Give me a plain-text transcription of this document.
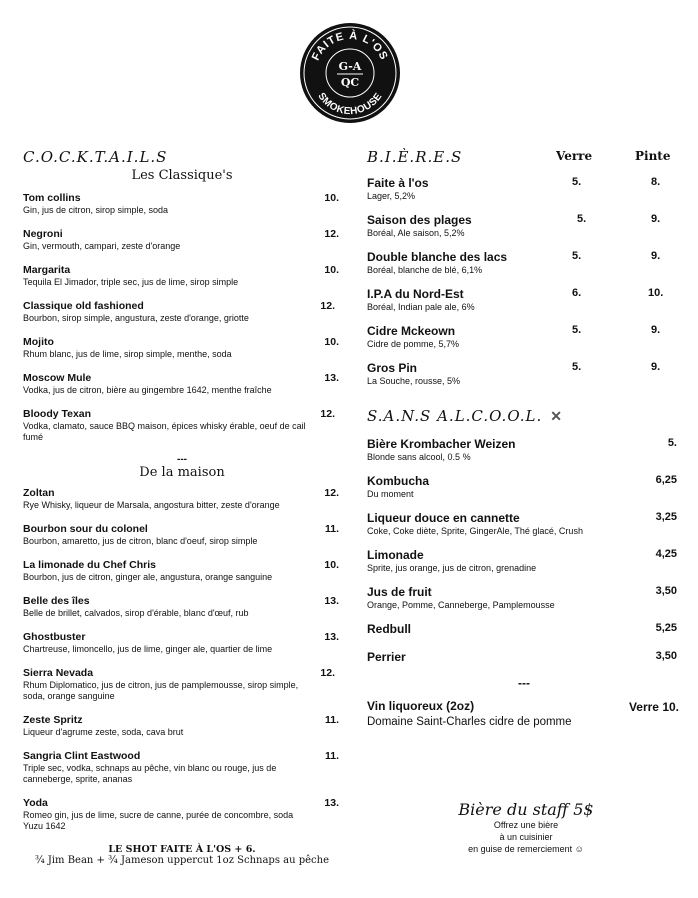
FAITE À L'OS
SMOKEHOUSE
G-A
QC
C.O.C.K.T.A.I.L.S
Les Classique's
Tom collins	10.
Gin, jus de citron, sirop simple, soda
Negroni	12.
Gin, vermouth, campari, zeste d'orange
Margarita	10.
Tequila El Jimador, triple sec, jus de lime, sirop simple
Classique old fashioned	12.
Bourbon, sirop simple, angustura, zeste d'orange, griotte
Mojito	10.
Rhum blanc, jus de lime, sirop simple, menthe, soda
Moscow Mule	13.
Vodka, jus de citron, bière au gingembre 1642, menthe fraîche
Bloody Texan	12.
Vodka, clamato, sauce BBQ maison, épices whisky érable, oeuf de cail fumé
---
De la maison
Zoltan	12.
Rye Whisky, liqueur de Marsala, angostura bitter, zeste d'orange
Bourbon sour du colonel	11.
Bourbon, amaretto, jus de citron, blanc d'oeuf, sirop simple
La limonade du Chef Chris	10.
Bourbon, jus de citron, ginger ale, angustura, orange sanguine
Belle des îles	13.
Belle de brillet, calvados, sirop d'érable, blanc d'œuf, rub
Ghostbuster	13.
Chartreuse, limoncello, jus de lime, ginger ale, quartier de lime
Sierra Nevada	12.
Rhum Diplomatico, jus de citron, jus de pamplemousse, sirop simple, soda, orange sanguine
Zeste Spritz	11.
Liqueur d'agrume zeste, soda, cava brut
Sangria Clint Eastwood	11.
Triple sec, vodka, schnaps au pêche, vin blanc ou rouge, jus de canneberge, sprite, ananas
Yoda	13.
Romeo gin, jus de lime, sucre de canne, purée de concombre, soda Yuzu 1642
LE SHOT FAITE À L'OS + 6.
¾ Jim Bean + ¾ Jameson uppercut 1oz Schnaps au pêche
B.I.È.R.E.S	Verre	Pinte
Faite à l'os	5.	8.
Lager, 5,2%
Saison des plages	5.	9.
Boréal, Ale saison, 5,2%
Double blanche des lacs	5.	9.
Boréal, blanche de blé, 6,1%
I.P.A du Nord-Est	6.	10.
Boréal, Indian pale ale, 6%
Cidre Mckeown	5.	9.
Cidre de pomme, 5,7%
Gros Pin	5.	9.
La Souche, rousse, 5%
S.A.N.S A.L.C.O.O.L. ✕
Bière Krombacher Weizen	5.
Blonde sans alcool, 0.5 %
Kombucha	6,25
Du moment
Liqueur douce en cannette	3,25
Coke, Coke diète, Sprite, GingerAle, Thé glacé, Crush
Limonade	4,25
Sprite, jus orange, jus de citron, grenadine
Jus de fruit	3,50
Orange, Pomme, Canneberge, Pamplemousse
Redbull	5,25
Perrier	3,50
---
Vin liquoreux (2oz)	Verre 10.
Domaine Saint-Charles cidre de pomme
Bière du staff 5$
Offrez une bière
à un cuisinier
en guise de remerciement ☺
